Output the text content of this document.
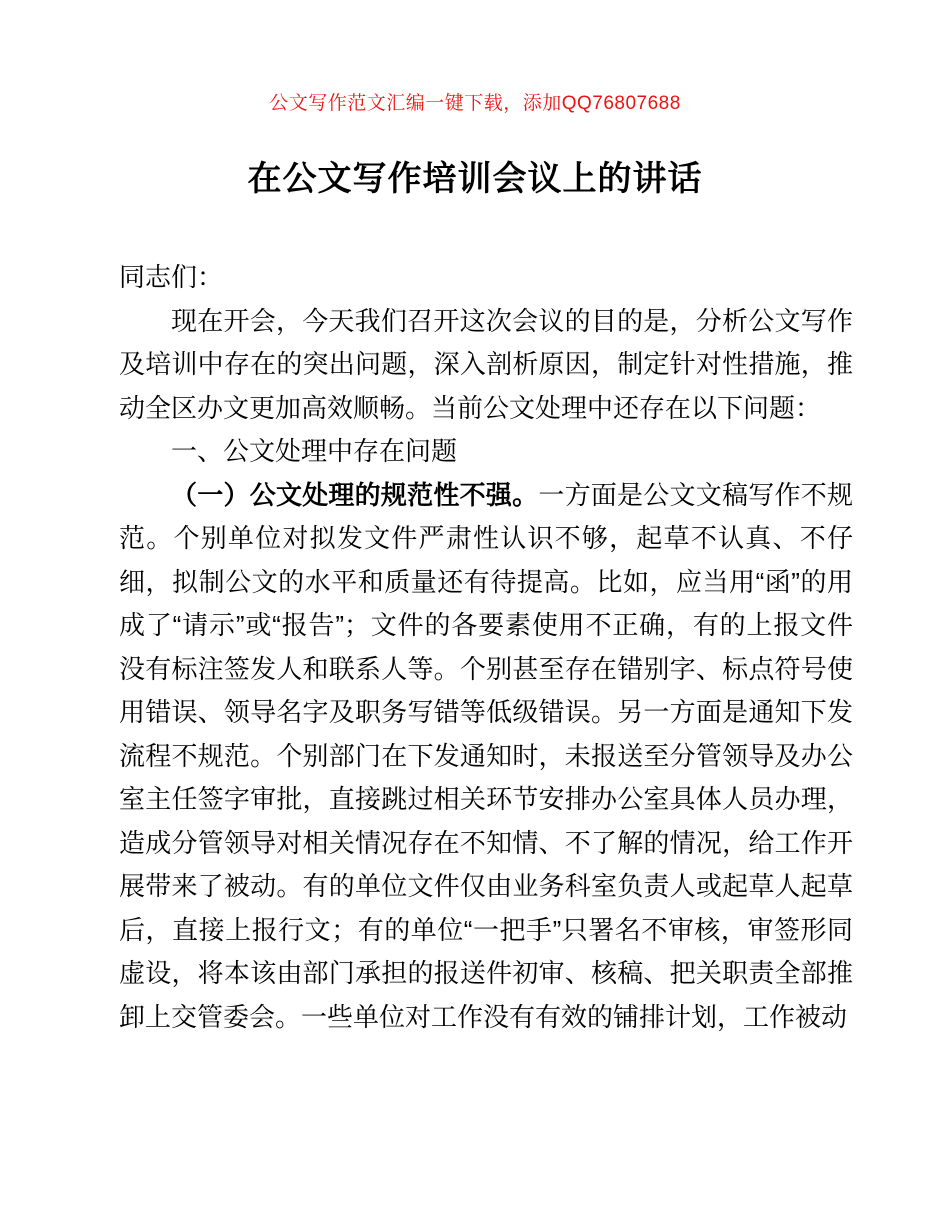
公文写作范文汇编一键下载，添加QQ76807688
在公文写作培训会议上的讲话

同志们：

现在开会，今天我们召开这次会议的目的是，分析公文写作及培训中存在的突出问题，深入剖析原因，制定针对性措施，推动全区办文更加高效顺畅。当前公文处理中还存在以下问题：

一、公文处理中存在问题

（一）公文处理的规范性不强。一方面是公文文稿写作不规范。个别单位对拟发文件严肃性认识不够，起草不认真、不仔细，拟制公文的水平和质量还有待提高。比如，应当用“函”的用成了“请示”或“报告”；文件的各要素使用不正确，有的上报文件没有标注签发人和联系人等。个别甚至存在错别字、标点符号使用错误、领导名字及职务写错等低级错误。另一方面是通知下发流程不规范。个别部门在下发通知时，未报送至分管领导及办公室主任签字审批，直接跳过相关环节安排办公室具体人员办理，造成分管领导对相关情况存在不知情、不了解的情况，给工作开展带来了被动。有的单位文件仅由业务科室负责人或起草人起草后，直接上报行文；有的单位“一把手”只署名不审核，审签形同虚设，将本该由部门承担的报送件初审、核稿、把关职责全部推卸上交管委会。一些单位对工作没有有效的铺排计划，工作被动
